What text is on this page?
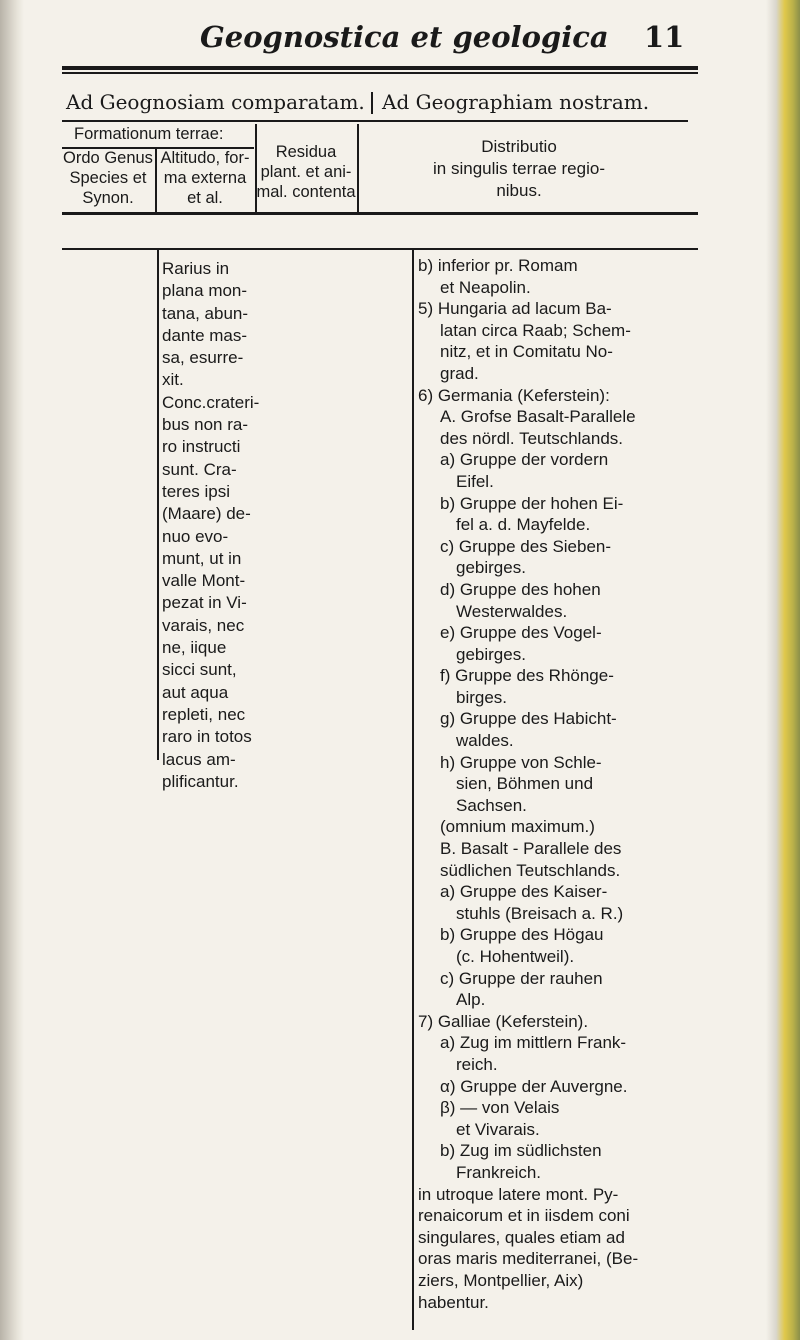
Geognostica et geologica 11
Ad Geognosiam comparatam. Ad Geographiam nostram.
Formationum terrae:
Ordo Genus
Species et
Synon.
Altitudo, for-
ma externa
et al.
Residua
plant. et ani-
mal. contenta
Distributio
in singulis terrae regio-
nibus.
Rarius in
plana mon-
tana, abun-
dante mas-
sa, esurre-
xit.
Conc.crateri-
bus non ra-
ro instructi
sunt. Cra-
teres ipsi
(Maare) de-
nuo evo-
munt, ut in
valle Mont-
pezat in Vi-
varais, nec
ne, iique
sicci sunt,
aut aqua
repleti, nec
raro in totos
lacus am-
plificantur.
b) inferior pr. Romam
et Neapolin.
5) Hungaria ad lacum Ba-
latan circa Raab; Schem-
nitz, et in Comitatu No-
grad.
6) Germania (Keferstein):
A. Grofse Basalt-Parallele
des nördl. Teutschlands.
a) Gruppe der vordern
Eifel.
b) Gruppe der hohen Ei-
fel a. d. Mayfelde.
c) Gruppe des Sieben-
gebirges.
d) Gruppe des hohen
Westerwaldes.
e) Gruppe des Vogel-
gebirges.
f) Gruppe des Rhönge-
birges.
g) Gruppe des Habicht-
waldes.
h) Gruppe von Schle-
sien, Böhmen und
Sachsen.
(omnium maximum.)
B. Basalt - Parallele des
südlichen Teutschlands.
a) Gruppe des Kaiser-
stuhls (Breisach a. R.)
b) Gruppe des Högau
(c. Hohentweil).
c) Gruppe der rauhen
Alp.
7) Galliae (Keferstein).
a) Zug im mittlern Frank-
reich.
α) Gruppe der Auvergne.
β) — von Velais
et Vivarais.
b) Zug im südlichsten
Frankreich.
in utroque latere mont. Py-
renaicorum et in iisdem coni
singulares, quales etiam ad
oras maris mediterranei, (Be-
ziers, Montpellier, Aix)
habentur.
